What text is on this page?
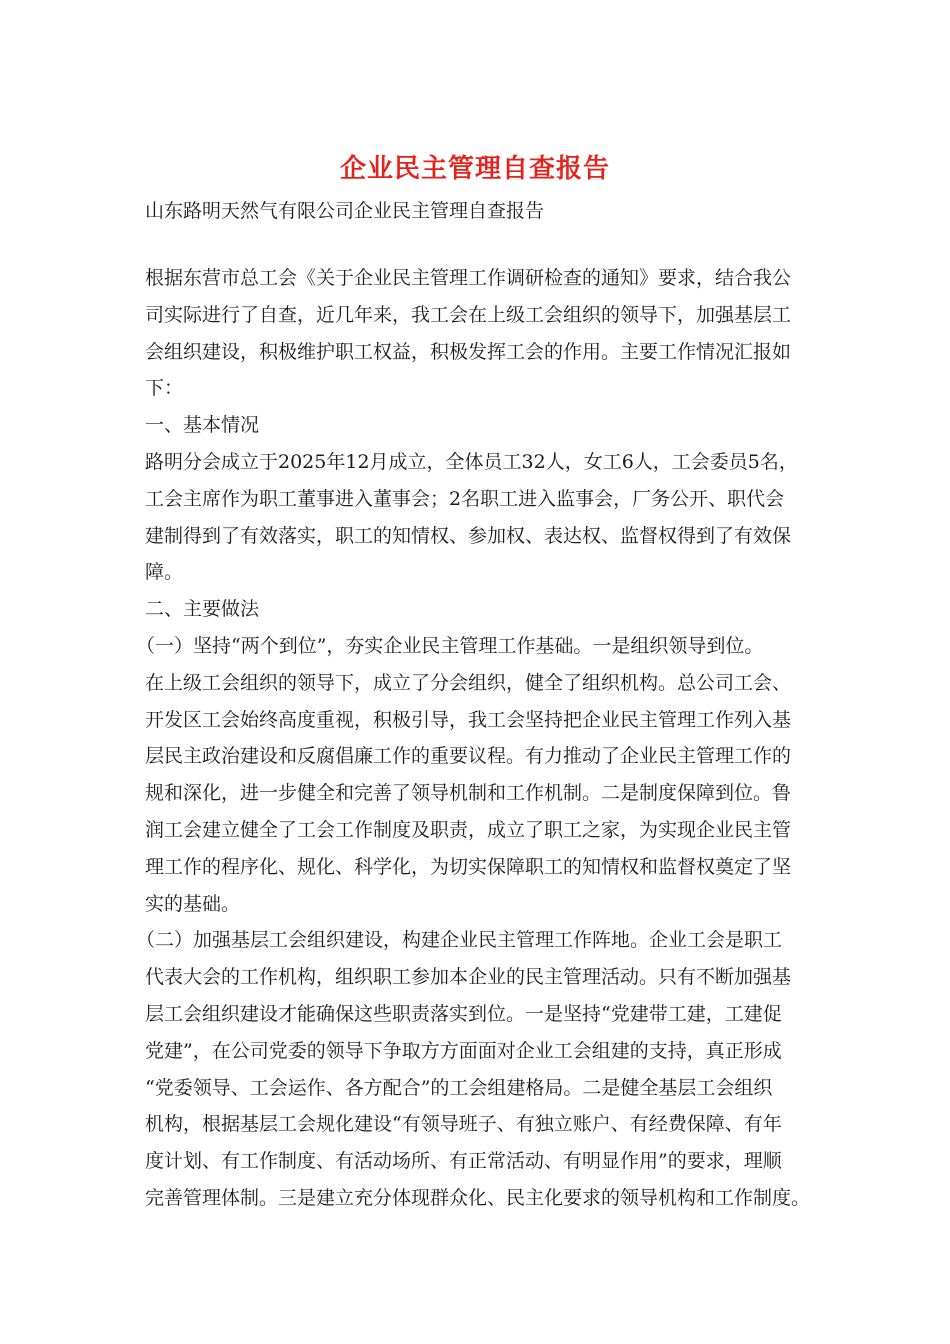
企业民主管理自查报告
山东路明天然气有限公司企业民主管理自查报告
根据东营市总工会《关于企业民主管理工作调研检查的通知》要求，结合我公
司实际进行了自查，近几年来，我工会在上级工会组织的领导下，加强基层工
会组织建设，积极维护职工权益，积极发挥工会的作用。主要工作情况汇报如
下：
一、基本情况
路明分会成立于2025年12月成立，全体员工32人，女工6人，工会委员5名，
工会主席作为职工董事进入董事会；2名职工进入监事会，厂务公开、职代会
建制得到了有效落实，职工的知情权、参加权、表达权、监督权得到了有效保
障。
二、主要做法
（一）坚持“两个到位”，夯实企业民主管理工作基础。一是组织领导到位。
在上级工会组织的领导下，成立了分会组织，健全了组织机构。总公司工会、
开发区工会始终高度重视，积极引导，我工会坚持把企业民主管理工作列入基
层民主政治建设和反腐倡廉工作的重要议程。有力推动了企业民主管理工作的
规和深化，进一步健全和完善了领导机制和工作机制。二是制度保障到位。鲁
润工会建立健全了工会工作制度及职责，成立了职工之家，为实现企业民主管
理工作的程序化、规化、科学化，为切实保障职工的知情权和监督权奠定了坚
实的基础。
（二）加强基层工会组织建设，构建企业民主管理工作阵地。企业工会是职工
代表大会的工作机构，组织职工参加本企业的民主管理活动。只有不断加强基
层工会组织建设才能确保这些职责落实到位。一是坚持“党建带工建，工建促
党建”，在公司党委的领导下争取方方面面对企业工会组建的支持，真正形成
“党委领导、工会运作、各方配合”的工会组建格局。二是健全基层工会组织
机构，根据基层工会规化建设“有领导班子、有独立账户、有经费保障、有年
度计划、有工作制度、有活动场所、有正常活动、有明显作用”的要求，理顺
完善管理体制。三是建立充分体现群众化、民主化要求的领导机构和工作制度。
